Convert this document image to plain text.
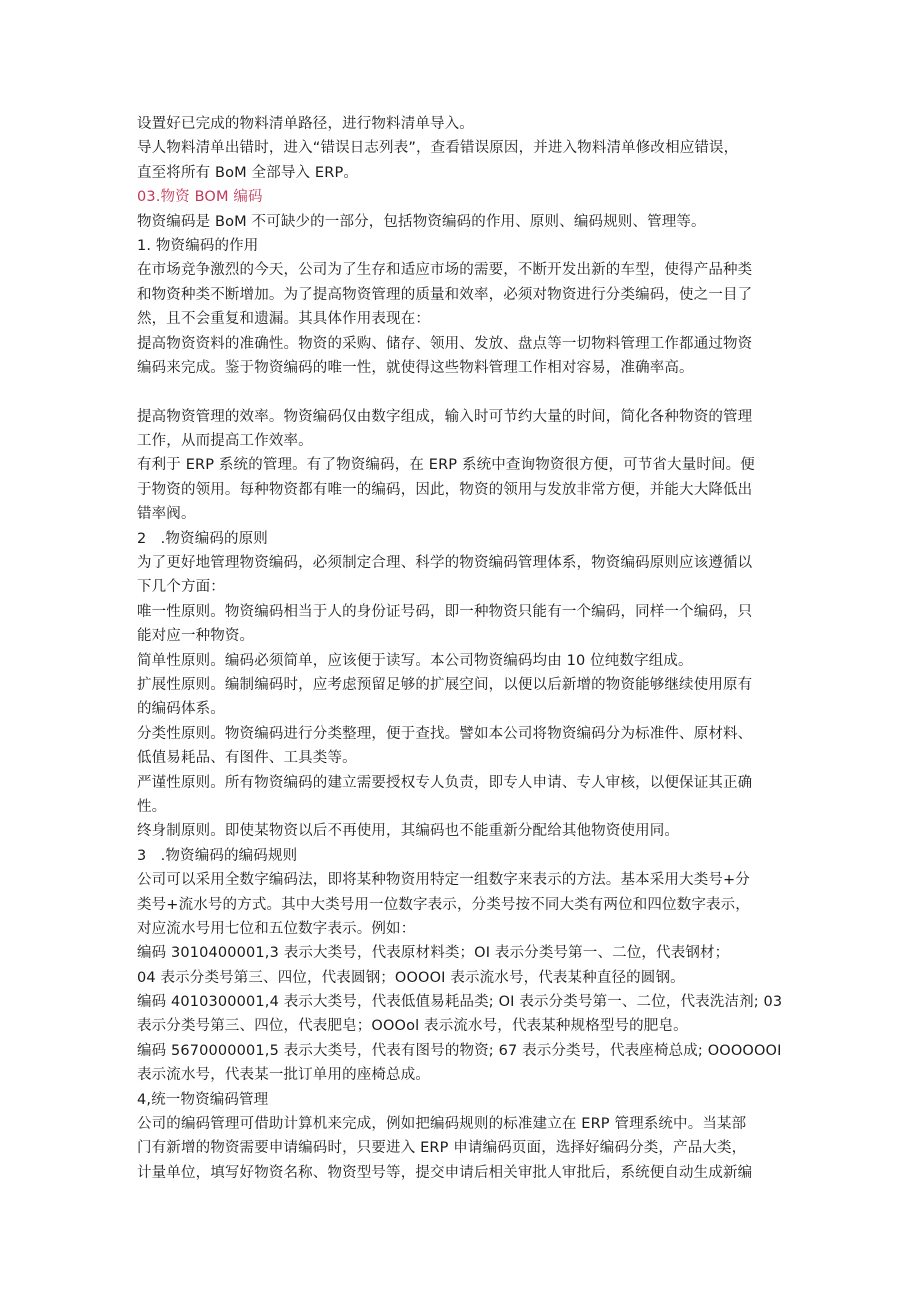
设置好已完成的物料清单路径，进行物料清单导入。
导人物料清单出错时，进入“错误日志列表”，查看错误原因，并进入物料清单修改相应错误，
直至将所有 BoM 全部导入 ERP。
03.物资 BOM 编码
物资编码是 BoM 不可缺少的一部分，包括物资编码的作用、原则、编码规则、管理等。
1. 物资编码的作用
在市场竞争激烈的今天，公司为了生存和适应市场的需要，不断开发出新的车型，使得产品种类
和物资种类不断增加。为了提高物资管理的质量和效率，必须对物资进行分类编码，使之一目了
然，且不会重复和遗漏。其具体作用表现在：
提高物资资料的准确性。物资的采购、储存、领用、发放、盘点等一切物料管理工作都通过物资
编码来完成。鉴于物资编码的唯一性，就使得这些物料管理工作相对容易，准确率高。
提高物资管理的效率。物资编码仅由数字组成，输入时可节约大量的时间，简化各种物资的管理
工作，从而提高工作效率。
有利于 ERP 系统的管理。有了物资编码，在 ERP 系统中查询物资很方便，可节省大量时间。便
于物资的领用。每种物资都有唯一的编码，因此，物资的领用与发放非常方便，并能大大降低出
错率阀。
2   .物资编码的原则
为了更好地管理物资编码，必须制定合理、科学的物资编码管理体系，物资编码原则应该遵循以
下几个方面：
唯一性原则。物资编码相当于人的身份证号码，即一种物资只能有一个编码，同样一个编码，只
能对应一种物资。
简单性原则。编码必须简单，应该便于读写。本公司物资编码均由 10 位纯数字组成。
扩展性原则。编制编码时，应考虑预留足够的扩展空间，以便以后新增的物资能够继续使用原有
的编码体系。
分类性原则。物资编码进行分类整理，便于查找。譬如本公司将物资编码分为标准件、原材料、
低值易耗品、有图件、工具类等。
严谨性原则。所有物资编码的建立需要授权专人负责，即专人申请、专人审核，以便保证其正确
性。
终身制原则。即使某物资以后不再使用，其编码也不能重新分配给其他物资使用同。
3   .物资编码的编码规则
公司可以采用全数字编码法，即将某种物资用特定一组数字来表示的方法。基本采用大类号+分
类号+流水号的方式。其中大类号用一位数字表示，分类号按不同大类有两位和四位数字表示，
对应流水号用七位和五位数字表示。例如：
编码 3010400001,3 表示大类号，代表原材料类；OI 表示分类号第一、二位，代表钢材；
04 表示分类号第三、四位，代表圆钢；OOOOI 表示流水号，代表某种直径的圆钢。
编码 4010300001,4 表示大类号，代表低值易耗品类; OI 表示分类号第一、二位，代表洗洁剂; 03
表示分类号第三、四位，代表肥皂；OOOol 表示流水号，代表某种规格型号的肥皂。
编码 5670000001,5 表示大类号，代表有图号的物资; 67 表示分类号，代表座椅总成; OOOOOOI
表示流水号，代表某一批订单用的座椅总成。
4,统一物资编码管理
公司的编码管理可借助计算机来完成，例如把编码规则的标准建立在 ERP 管理系统中。当某部
门有新增的物资需要申请编码时，只要进入 ERP 申请编码页面，选择好编码分类，产品大类，
计量单位，填写好物资名称、物资型号等，提交申请后相关审批人审批后，系统便自动生成新编
